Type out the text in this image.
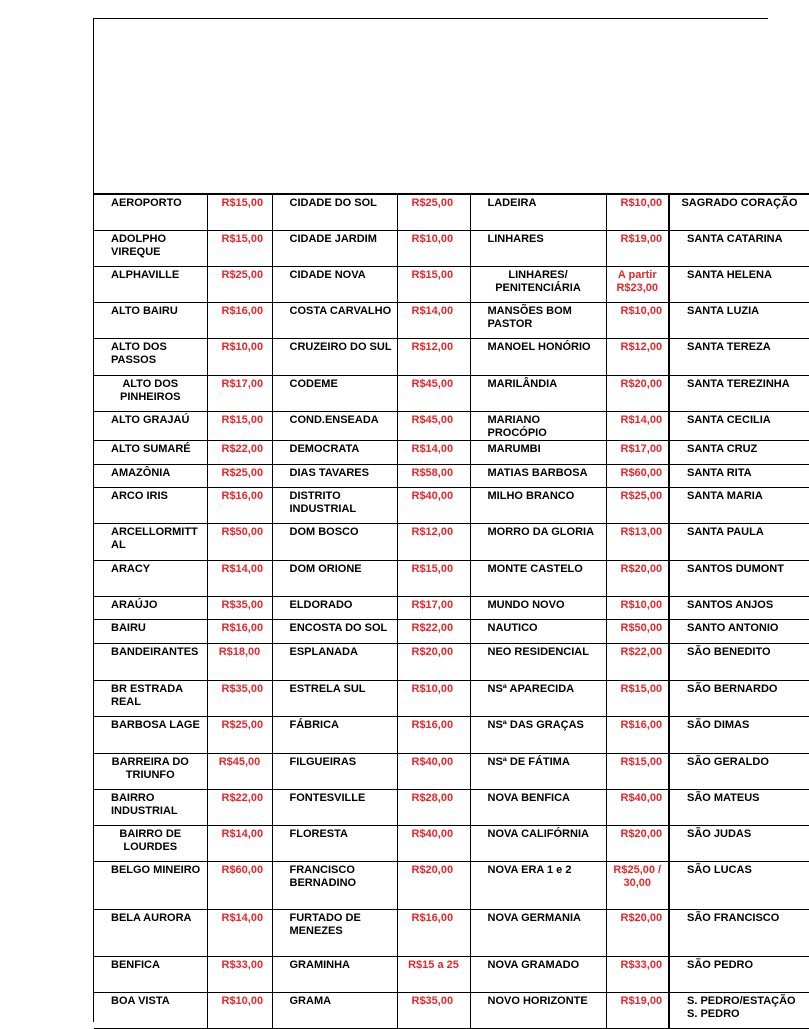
AEROPORTO	R$15,00	CIDADE DO SOL	R$25,00	LADEIRA	R$10,00	SAGRADO CORAÇÃO
ADOLPHO VIREQUE	R$15,00	CIDADE JARDIM	R$10,00	LINHARES	R$19,00	SANTA CATARINA
ALPHAVILLE	R$25,00	CIDADE NOVA	R$15,00	LINHARES/ PENITENCIÁRIA	A partir R$23,00	SANTA HELENA
ALTO BAIRU	R$16,00	COSTA CARVALHO	R$14,00	MANSÕES BOM PASTOR	R$10,00	SANTA LUZIA
ALTO DOS PASSOS	R$10,00	CRUZEIRO DO SUL	R$12,00	MANOEL HONÓRIO	R$12,00	SANTA TEREZA
ALTO DOS PINHEIROS	R$17,00	CODEME	R$45,00	MARILÂNDIA	R$20,00	SANTA TEREZINHA
ALTO GRAJAÚ	R$15,00	COND.ENSEADA	R$45,00	MARIANO PROCÓPIO	R$14,00	SANTA CECILIA
ALTO SUMARÉ	R$22,00	DEMOCRATA	R$14,00	MARUMBI	R$17,00	SANTA CRUZ
AMAZÔNIA	R$25,00	DIAS TAVARES	R$58,00	MATIAS BARBOSA	R$60,00	SANTA RITA
ARCO IRIS	R$16,00	DISTRITO INDUSTRIAL	R$40,00	MILHO BRANCO	R$25,00	SANTA MARIA
ARCELLORMITTAL	R$50,00	DOM BOSCO	R$12,00	MORRO DA GLORIA	R$13,00	SANTA PAULA
ARACY	R$14,00	DOM ORIONE	R$15,00	MONTE CASTELO	R$20,00	SANTOS DUMONT
ARAÚJO	R$35,00	ELDORADO	R$17,00	MUNDO NOVO	R$10,00	SANTOS ANJOS
BAIRU	R$16,00	ENCOSTA DO SOL	R$22,00	NAUTICO	R$50,00	SANTO ANTONIO
BANDEIRANTES	R$18,00	ESPLANADA	R$20,00	NEO RESIDENCIAL	R$22,00	SÃO BENEDITO
BR ESTRADA REAL	R$35,00	ESTRELA SUL	R$10,00	NSª APARECIDA	R$15,00	SÃO BERNARDO
BARBOSA LAGE	R$25,00	FÁBRICA	R$16,00	NSª DAS GRAÇAS	R$16,00	SÃO DIMAS
BARREIRA DO TRIUNFO	R$45,00	FILGUEIRAS	R$40,00	NSª DE FÁTIMA	R$15,00	SÃO GERALDO
BAIRRO INDUSTRIAL	R$22,00	FONTESVILLE	R$28,00	NOVA BENFICA	R$40,00	SÃO MATEUS
BAIRRO DE LOURDES	R$14,00	FLORESTA	R$40,00	NOVA CALIFÓRNIA	R$20,00	SÃO JUDAS
BELGO MINEIRO	R$60,00	FRANCISCO BERNADINO	R$20,00	NOVA ERA 1 e 2	R$25,00 / 30,00	SÃO LUCAS
BELA AURORA	R$14,00	FURTADO DE MENEZES	R$16,00	NOVA GERMANIA	R$20,00	SÃO FRANCISCO
BENFICA	R$33,00	GRAMINHA	R$15 a 25	NOVA GRAMADO	R$33,00	SÃO PEDRO
BOA VISTA	R$10,00	GRAMA	R$35,00	NOVO HORIZONTE	R$19,00	S. PEDRO/ESTAÇÃO S. PEDRO
